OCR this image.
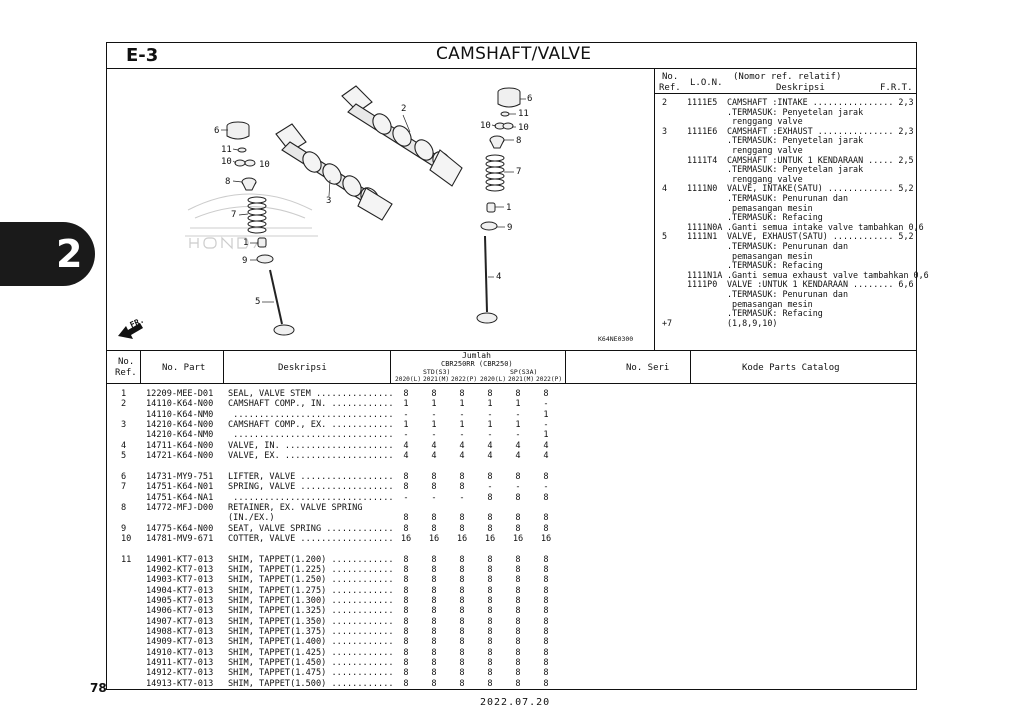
2
E-3	CAMSHAFT/VALVE
6
11
10	10
8
7
1
9
5
2
3
6
11
10	10
8
7
1
9
4
FR.
K64NE0300
No.
Ref. L.O.N.
(Nomor ref. relatif)
Deskripsi	F.R.T.
2 1111E5 CAMSHAFT :INTAKE ................ 2,3
.TERMASUK: Penyetelan jarak
renggang valve
3 1111E6 CAMSHAFT :EXHAUST ............... 2,3
.TERMASUK: Penyetelan jarak
renggang valve
1111T4 CAMSHAFT :UNTUK 1 KENDARAAN ..... 2,5
.TERMASUK: Penyetelan jarak
renggang valve
4 1111N0 VALVE, INTAKE(SATU) ............. 5,2
.TERMASUK: Penurunan dan
pemasangan mesin
.TERMASUK: Refacing
1111N0A .Ganti semua intake valve tambahkan 0,6
5 1111N1 VALVE, EXHAUST(SATU) ............ 5,2
.TERMASUK: Penurunan dan
pemasangan mesin
.TERMASUK: Refacing
1111N1A .Ganti semua exhaust valve tambahkan 0,6
1111P0 VALVE :UNTUK 1 KENDARAAN ........ 6,6
.TERMASUK: Penurunan dan
pemasangan mesin
.TERMASUK: Refacing
+7	(1,8,9,10)
No.
Ref.	No. Part	Deskripsi
Jumlah
CBR250RR (CBR250)
STD(S3)	SP(S3A)
2020(L) 2021(M) 2022(P) 2020(L) 2021(M) 2022(P)
No. Seri	Kode Parts Catalog
1 12209-MEE-D01 SEAL, VALVE STEM ...............	8	8	8	8	8	8
2 14110-K64-N00 CAMSHAFT COMP., IN. ............	1	1	1	1	1	-
14110-K64-NM0 ...............................	-	-	-	-	-	1
3 14210-K64-N00 CAMSHAFT COMP., EX. ............	1	1	1	1	1	-
14210-K64-NM0 ...............................	-	-	-	-	-	1
4 14711-K64-N00 VALVE, IN. .....................	4	4	4	4	4	4
5 14721-K64-N00 VALVE, EX. .....................	4	4	4	4	4	4
6 14731-MY9-751 LIFTER, VALVE ..................	8	8	8	8	8	8
7 14751-K64-N01 SPRING, VALVE ..................	8	8	8	-	-	-
14751-K64-NA1 ...............................	-	-	-	8	8	8
8 14772-MFJ-D00 RETAINER, EX. VALVE SPRING
(IN./EX.)	8	8	8	8	8	8
9 14775-K64-N00 SEAT, VALVE SPRING .............	8	8	8	8	8	8
10 14781-MV9-671 COTTER, VALVE .................. 16 16 16 16 16 16
11 14901-KT7-013 SHIM, TAPPET(1.200) ............	8	8	8	8	8	8
14902-KT7-013 SHIM, TAPPET(1.225) ............	8	8	8	8	8	8
14903-KT7-013 SHIM, TAPPET(1.250) ............	8	8	8	8	8	8
14904-KT7-013 SHIM, TAPPET(1.275) ............	8	8	8	8	8	8
14905-KT7-013 SHIM, TAPPET(1.300) ............	8	8	8	8	8	8
14906-KT7-013 SHIM, TAPPET(1.325) ............	8	8	8	8	8	8
14907-KT7-013 SHIM, TAPPET(1.350) ............	8	8	8	8	8	8
14908-KT7-013 SHIM, TAPPET(1.375) ............	8	8	8	8	8	8
14909-KT7-013 SHIM, TAPPET(1.400) ............	8	8	8	8	8	8
14910-KT7-013 SHIM, TAPPET(1.425) ............	8	8	8	8	8	8
14911-KT7-013 SHIM, TAPPET(1.450) ............	8	8	8	8	8	8
14912-KT7-013 SHIM, TAPPET(1.475) ............	8	8	8	8	8	8
14913-KT7-013 SHIM, TAPPET(1.500) ............	8	8	8	8	8	8
78
2022.07.20
